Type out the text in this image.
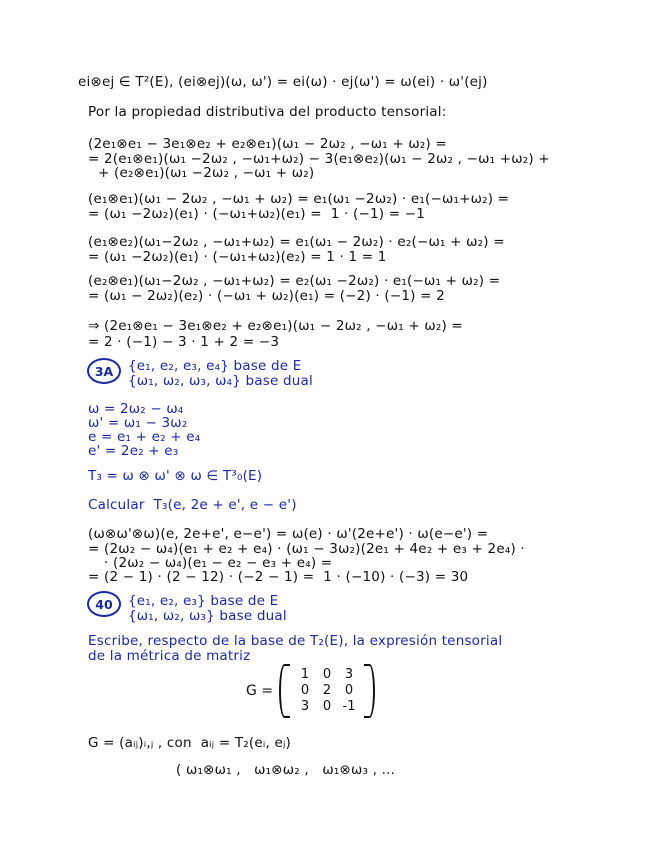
ei⊗ej ∈ T²(E), (ei⊗ej)(ω, ω') = ei(ω) · ej(ω') = ω(ei) · ω'(ej)
Por la propiedad distributiva del producto tensorial:
(2e₁⊗e₁ − 3e₁⊗e₂ + e₂⊗e₁)(ω₁ − 2ω₂ , −ω₁ + ω₂) =
= 2(e₁⊗e₁)(ω₁ −2ω₂ , −ω₁+ω₂) − 3(e₁⊗e₂)(ω₁ − 2ω₂ , −ω₁ +ω₂) +
+ (e₂⊗e₁)(ω₁ −2ω₂ , −ω₁ + ω₂)
(e₁⊗e₁)(ω₁ − 2ω₂ , −ω₁ + ω₂) = e₁(ω₁ −2ω₂) · e₁(−ω₁+ω₂) =
= (ω₁ −2ω₂)(e₁) · (−ω₁+ω₂)(e₁) =  1 · (−1) = −1
(e₁⊗e₂)(ω₁−2ω₂ , −ω₁+ω₂) = e₁(ω₁ − 2ω₂) · e₂(−ω₁ + ω₂) =
= (ω₁ −2ω₂)(e₁) · (−ω₁+ω₂)(e₂) = 1 · 1 = 1
(e₂⊗e₁)(ω₁−2ω₂ , −ω₁+ω₂) = e₂(ω₁ −2ω₂) · e₁(−ω₁ + ω₂) =
= (ω₁ − 2ω₂)(e₂) · (−ω₁ + ω₂)(e₁) = (−2) · (−1) = 2
⇒ (2e₁⊗e₁ − 3e₁⊗e₂ + e₂⊗e₁)(ω₁ − 2ω₂ , −ω₁ + ω₂) =
= 2 · (−1) − 3 · 1 + 2 = −3
3A	{e₁, e₂, e₃, e₄} base de E
{ω₁, ω₂, ω₃, ω₄} base dual
ω = 2ω₂ − ω₄
ω' = ω₁ − 3ω₂
e = e₁ + e₂ + e₄
e' = 2e₂ + e₃
T₃ = ω ⊗ ω' ⊗ ω ∈ T³₀(E)
Calcular  T₃(e, 2e + e', e − e')
(ω⊗ω'⊗ω)(e, 2e+e', e−e') = ω(e) · ω'(2e+e') · ω(e−e') =
= (2ω₂ − ω₄)(e₁ + e₂ + e₄) · (ω₁ − 3ω₂)(2e₁ + 4e₂ + e₃ + 2e₄) ·
· (2ω₂ − ω₄)(e₁ − e₂ − e₃ + e₄) =
= (2 − 1) · (2 − 12) · (−2 − 1) =  1 · (−10) · (−3) = 30
40	{e₁, e₂, e₃} base de E
{ω₁, ω₂, ω₃} base dual
Escribe, respecto de la base de T₂(E), la expresión tensorial
de la métrica de matriz
G =
1	0	3
0	2	0
3	0 -1
G = (aᵢⱼ)ᵢ,ⱼ , con  aᵢⱼ = T₂(eᵢ, eⱼ)
( ω₁⊗ω₁ ,   ω₁⊗ω₂ ,   ω₁⊗ω₃ , ...
